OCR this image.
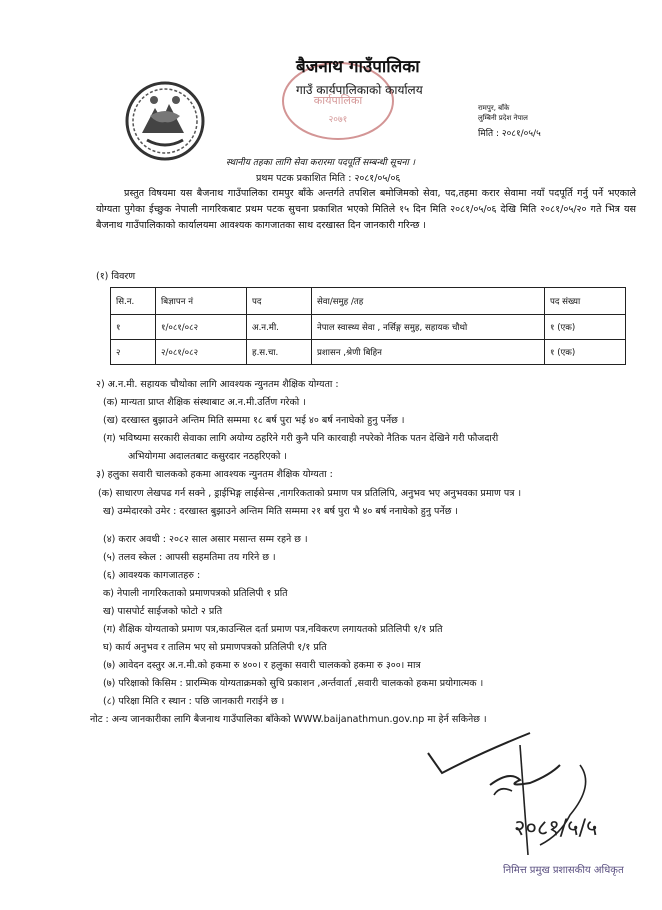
कार्यपालिका
२०७१
बैजनाथ गाउँपालिका
गाउँ कार्यपालिकाको कार्यालय
रामपुर, बाँके
लुम्बिनी प्रदेश नेपाल
मिति : २०८१/०५/५
स्थानीय तहका लागि सेवा करारमा पदपूर्ति सम्बन्धी सूचना ।
प्रथम पटक प्रकाशित मिति : २०८१/०५/०६
प्रस्तुत विषयमा यस बैजनाथ गाउँपालिका रामपुर बाँके अन्तर्गते तपशिल बमोजिमको सेवा, पद,तहमा करार सेवामा नयाँ पदपूर्ति गर्नु पर्ने भएकाले योग्यता पुगेका ईच्छुक नेपाली नागरिकबाट प्रथम पटक सुचना प्रकाशित भएको मितिले १५ दिन मिति २०८१/०५/०६ देखि मिति २०८१/०५/२० गते भित्र यस बैजनाथ गाउँपालिकाको कार्यालयमा आवश्यक कागजातका साथ दरखास्त दिन जानकारी गरिन्छ ।
(१) विवरण
सि.न.	बिज्ञापन नं	पद	सेवा/समुह /तह	पद संख्या
१	१/०८१/०८२	अ.न.मी.	नेपाल स्वास्थ्य सेवा , नर्सिङ्ग समुह, सहायक चौथो	१ (एक)
२	२/०८१/०८२	ह.स.चा.	प्रशासन ,श्रेणी बिहिन	१ (एक)
२) अ.न.मी. सहायक चौथोका लागि आवश्यक न्युनतम शैक्षिक योग्यता :
(क) मान्यता प्राप्त शैक्षिक संस्थाबाट अ.न.मी.उर्तिण गरेको ।
(ख) दरखास्त बुझाउने अन्तिम मिति सम्ममा १८ बर्ष पुरा भई ४० बर्ष ननाघेको हुनु पर्नेछ ।
(ग) भविष्यमा सरकारी सेवाका लागि अयोग्य ठहरिने गरी कुनै पनि कारवाही नपरेको नैतिक पतन देखिने गरी फौजदारी
अभियोगमा अदालतबाट कसुरदार नठहरिएको ।
३) हलुका सवारी चालकको हकमा आवश्यक न्युनतम शैक्षिक योग्यता :
(क) साधारण लेखपढ गर्न सक्ने , ड्राईभिङ्ग लाईसेन्स ,नागरिकताको प्रमाण पत्र प्रतिलिपि, अनुभव भए अनुभवका प्रमाण पत्र ।
ख) उम्मेदारको उमेर : दरखास्त बुझाउने अन्तिम मिति सम्ममा २१ बर्ष पुरा भै ४० बर्ष ननाघेको हुनु पर्नेछ ।
(४) करार अवधी : २०८२ साल असार मसान्त सम्म रहने छ ।
(५) तलव स्केल : आपसी सहमतिमा तय गरिने छ ।
(६) आवश्यक कागजातहरु :
क) नेपाली नागरिकताको प्रमाणपत्रको प्रतिलिपी १ प्रति
ख) पासपोर्ट साईजको फोटो २ प्रति
(ग) शैक्षिक योग्यताको प्रमाण पत्र,काउन्सिल दर्ता प्रमाण पत्र,नविकरण लगायतको प्रतिलिपी १/१ प्रति
घ) कार्य अनुभव र तालिम भए सो प्रमाणपत्रको प्रतिलिपी १/१ प्रति
(७) आवेदन दस्तुर अ.न.मी.को हकमा रु ४००। र हलुका सवारी चालकको हकमा रु ३००। मात्र
(७) परिक्षाको किसिम : प्रारम्भिक योग्यताक्रमको सुचि प्रकाशन ,अर्न्तवार्ता ,सवारी चालकको हकमा प्रयोगात्मक ।
(८) परिक्षा मिति र स्थान : पछि जानकारी गराईने छ ।
नोट : अन्य जानकारीका लागि बैजनाथ गाउँपालिका बाँकेको WWW.baijanathmun.gov.np मा हेर्न सकिनेछ ।
२०८१/५/५
निमित्त प्रमुख प्रशासकीय अधिकृत
